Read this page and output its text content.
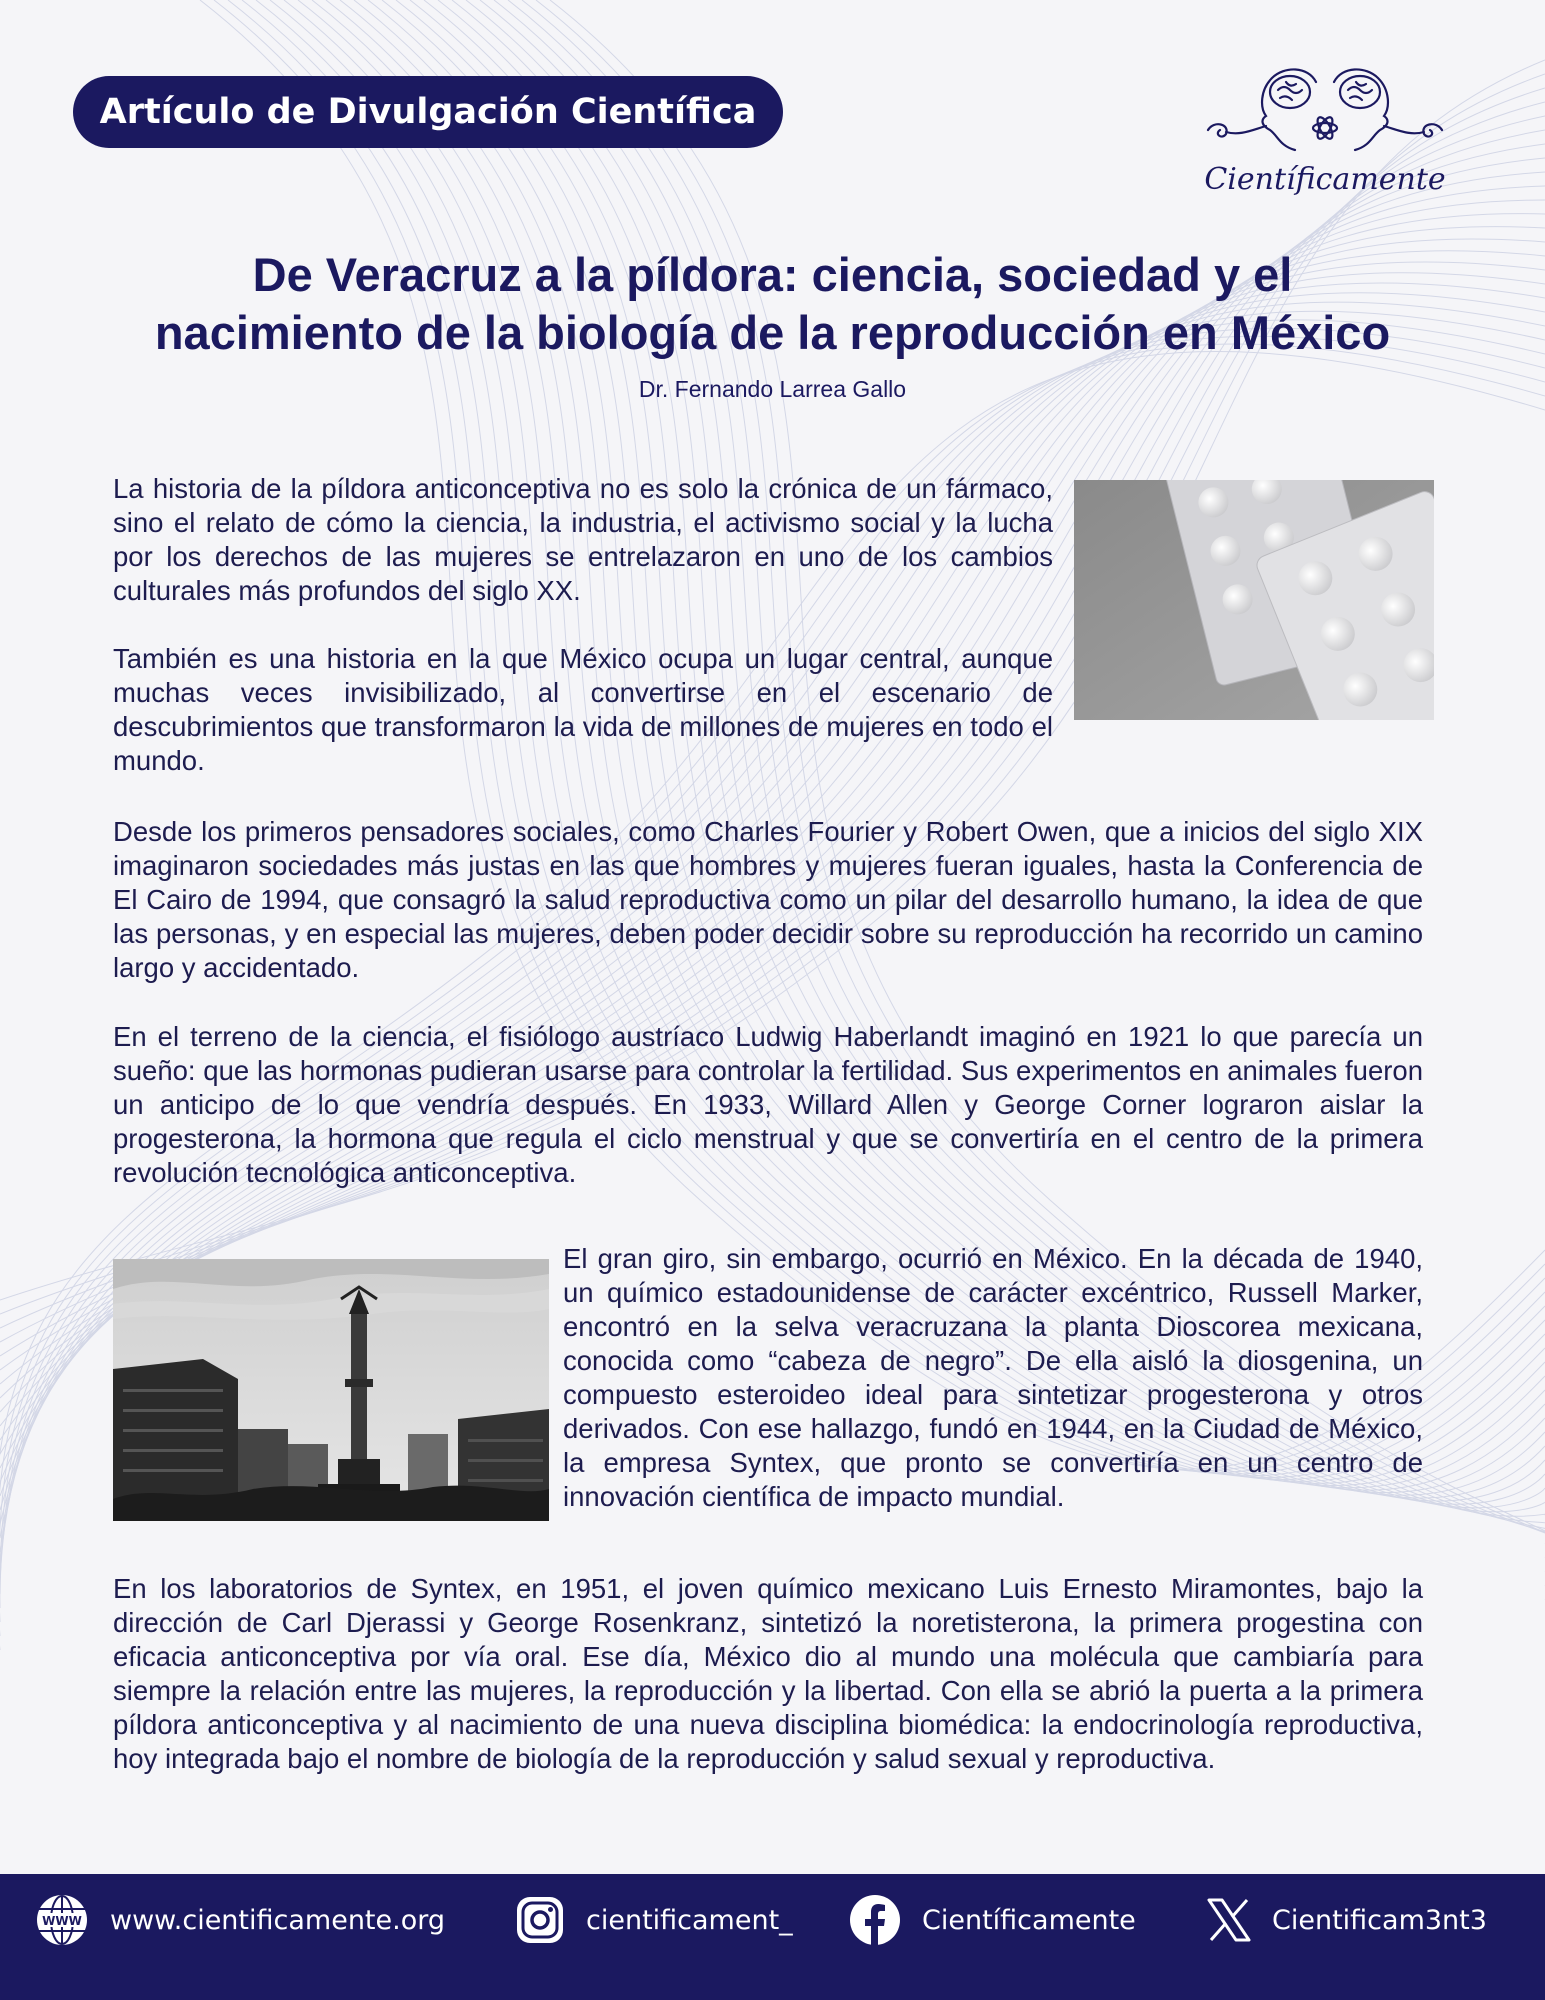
Artículo de Divulgación Científica
Científicamente
De Veracruz a la píldora: ciencia, sociedad y el
nacimiento de la biología de la reproducción en México
Dr. Fernando Larrea Gallo

La historia de la píldora anticonceptiva no es solo la crónica de un fármaco, sino el relato de cómo la ciencia, la industria, el activismo social y la lucha por los derechos de las mujeres se entrelazaron en uno de los cambios culturales más profundos del siglo XX.

También es una historia en la que México ocupa un lugar central, aunque muchas veces invisibilizado, al convertirse en el escenario de descubrimientos que transformaron la vida de millones de mujeres en todo el mundo.

Desde los primeros pensadores sociales, como Charles Fourier y Robert Owen, que a inicios del siglo XIX imaginaron sociedades más justas en las que hombres y mujeres fueran iguales, hasta la Conferencia de El Cairo de 1994, que consagró la salud reproductiva como un pilar del desarrollo humano, la idea de que las personas, y en especial las mujeres, deben poder decidir sobre su reproducción ha recorrido un camino largo y accidentado.

En el terreno de la ciencia, el fisiólogo austríaco Ludwig Haberlandt imaginó en 1921 lo que parecía un sueño: que las hormonas pudieran usarse para controlar la fertilidad. Sus experimentos en animales fueron un anticipo de lo que vendría después. En 1933, Willard Allen y George Corner lograron aislar la progesterona, la hormona que regula el ciclo menstrual y que se convertiría en el centro de la primera revolución tecnológica anticonceptiva.

El gran giro, sin embargo, ocurrió en México. En la década de 1940, un químico estadounidense de carácter excéntrico, Russell Marker, encontró en la selva veracruzana la planta Dioscorea mexicana, conocida como “cabeza de negro”. De ella aisló la diosgenina, un compuesto esteroideo ideal para sintetizar progesterona y otros derivados. Con ese hallazgo, fundó en 1944, en la Ciudad de México, la empresa Syntex, que pronto se convertiría en un centro de innovación científica de impacto mundial.

En los laboratorios de Syntex, en 1951, el joven químico mexicano Luis Ernesto Miramontes, bajo la dirección de Carl Djerassi y George Rosenkranz, sintetizó la noretisterona, la primera progestina con eficacia anticonceptiva por vía oral. Ese día, México dio al mundo una molécula que cambiaría para siempre la relación entre las mujeres, la reproducción y la libertad. Con ella se abrió la puerta a la primera píldora anticonceptiva y al nacimiento de una nueva disciplina biomédica: la endocrinología reproductiva, hoy integrada bajo el nombre de biología de la reproducción y salud sexual y reproductiva.

WWW www.cientificamente.org	cientificament_	Científicamente	Cientificam3nt3
